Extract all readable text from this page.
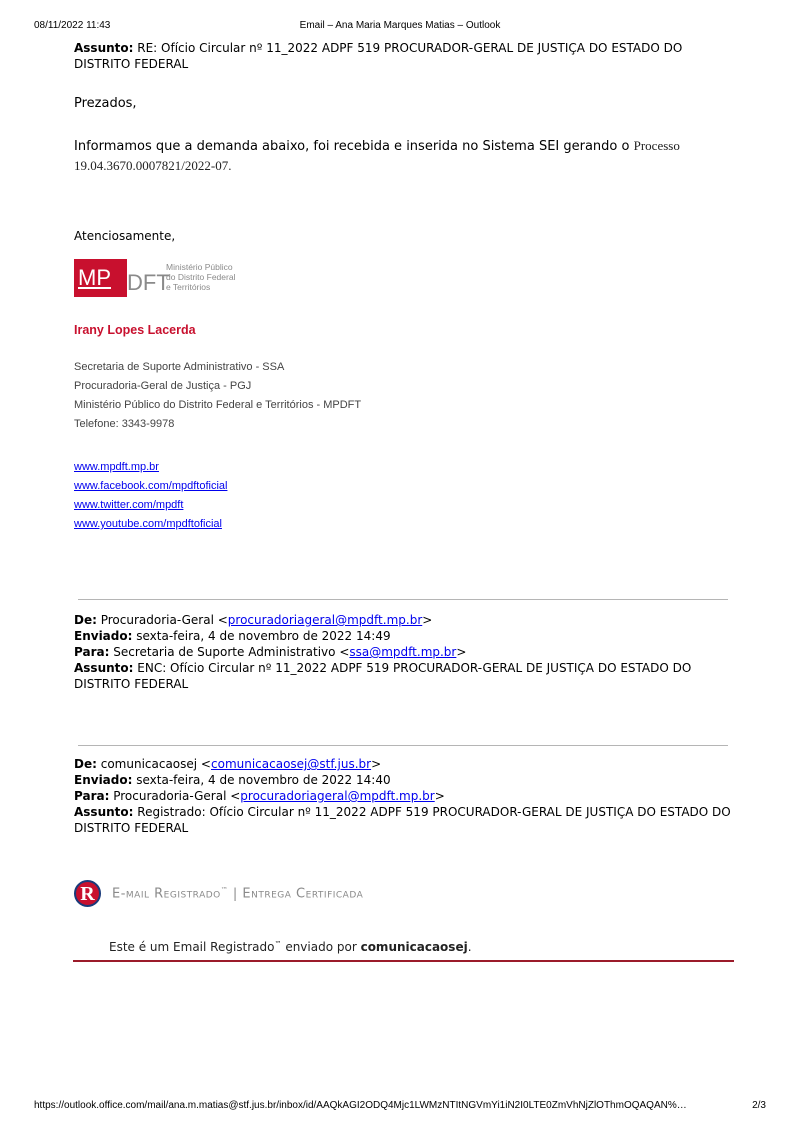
08/11/2022 11:43	Email – Ana Maria Marques Matias – Outlook
Assunto: RE: Ofício Circular nº 11_2022 ADPF 519 PROCURADOR-GERAL DE JUSTIÇA DO ESTADO DO DISTRITO FEDERAL
Prezados,
Informamos que a demanda abaixo, foi recebida e inserida no Sistema SEI gerando o Processo 19.04.3670.0007821/2022-07.
Atenciosamente,
MP DFT
Ministério Público
do Distrito Federal
e Territórios
Irany Lopes Lacerda
Secretaria de Suporte Administrativo - SSA
Procuradoria-Geral de Justiça - PGJ
Ministério Público do Distrito Federal e Territórios - MPDFT
Telefone: 3343-9978
www.mpdft.mp.br
www.facebook.com/mpdftoficial
www.twitter.com/mpdft
www.youtube.com/mpdftoficial
De: Procuradoria-Geral <procuradoriageral@mpdft.mp.br>
Enviado: sexta-feira, 4 de novembro de 2022 14:49
Para: Secretaria de Suporte Administrativo <ssa@mpdft.mp.br>
Assunto: ENC: Ofício Circular nº 11_2022 ADPF 519 PROCURADOR-GERAL DE JUSTIÇA DO ESTADO DO DISTRITO FEDERAL
De: comunicacaosej <comunicacaosej@stf.jus.br>
Enviado: sexta-feira, 4 de novembro de 2022 14:40
Para: Procuradoria-Geral <procuradoriageral@mpdft.mp.br>
Assunto: Registrado: Ofício Circular nº 11_2022 ADPF 519 PROCURADOR-GERAL DE JUSTIÇA DO ESTADO DO DISTRITO FEDERAL
R	E-mail Registrado™ | Entrega Certificada
Este é um Email Registrado™ enviado por comunicacaosej.
https://outlook.office.com/mail/ana.m.matias@stf.jus.br/inbox/id/AAQkAGI2ODQ4Mjc1LWMzNTItNGVmYi1iN2I0LTE0ZmVhNjZlOThmOQAQAN%…	2/3
